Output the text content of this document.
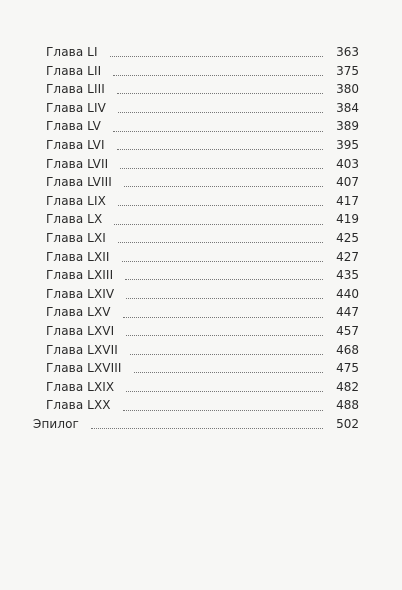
Глава LI	363
Глава LII	375
Глава LIII	380
Глава LIV	384
Глава LV	389
Глава LVI	395
Глава LVII	403
Глава LVIII	407
Глава LIX	417
Глава LX	419
Глава LXI	425
Глава LXII	427
Глава LXIII	435
Глава LXIV	440
Глава LXV	447
Глава LXVI	457
Глава LXVII	468
Глава LXVIII	475
Глава LXIX	482
Глава LXX	488
Эпилог	502
